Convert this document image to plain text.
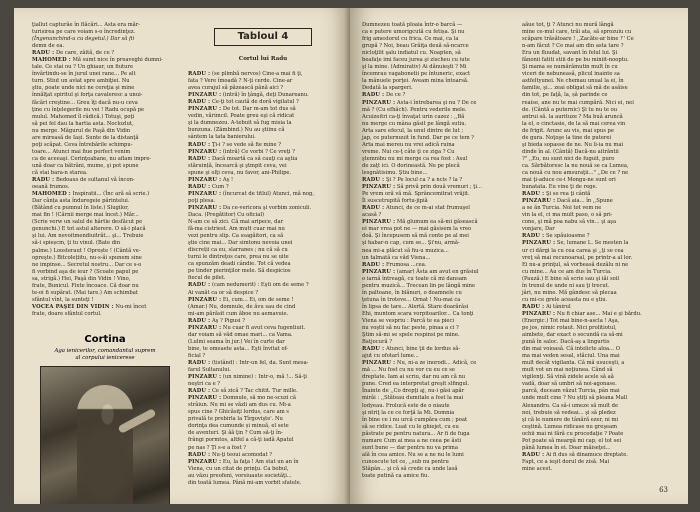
ţiallut capturăe în flăcări... Asta era măr-

turisirea pe care voiam s-o încredinţez.

(Îngenunchind-u cu degetul.) Dar să fii

demn de ea.

RADU : De care, zăită, de ce ?

MAHOMED : Mă sumt nice în preaveghi dumni-

tale. Ce stai ou ? Un ghiaur, un fiuture

învârtindu-se în jurul unei rane... Pe alt

turn. Stiut un avlat spre ambiţiei. Nu

ştiu, poate unde nici ne cereţia şi mine

înnălţat spiritul şi forţa cavaleresc a unui-

făcări creştine... Greu îţi dacă nu-u ceva

ţine cu înţelegerile nu vei ! Radu ocupă pe

mulul. Mahomed îl râdică.) Totuşi, poţi

să pei fel dau la hartia asta. Noclozlut,

nu merge. Măgurul de Paşă din Vidin

are mireasă de Iași. Sunte de la distanţă

poţi scăpat. Ceva întrebările schimpu-

toare... Atunci mai fiue perfect venim

ca de aceeaşi. Cerinţeabane, nu aflam impre-

ună doar ca bătrâni, mume, şi pot spune

că stai bara-n starea.

RADU : Bedoaus de sultanul vă încon-

oeană frumos.

MAHOMED : Inspiratii... (Înc ară să scrie.)

Dar cânța asta înduregeie părintelui.

(Bătând cu pumnul în liste.) Slugilor,

mai fin ! (Cărnii merge mai încet.) Măr...

(Scrie verw un salul de hârtie desfăcut pe

genunchi.) E tot astul alterere. O să-i placă

şi lui. Am nevoitmendiuitrăt... şi... Trebuie

să-i spieșcm, ţi tu vinul. (Bate din

palme.) Loosteraut ! Oprește ! (Cântă ve-

opreşte.) Bitcolețiitu, nu-s-ăi spunem sine

ne impinse... Secretul nostru... Dar ce s-o

fi vorbind aşa de ieur ? (Scoate papul pe

sa, strigă.) Hei, Paşă din Vidin ! Vino,

frate, Bunicul. Fixte încoace. Că doar nu

te-oi fi supărat. (Mai tare.) Am schimbat

sfântul vînt, la sunteţi !

VOCEA PAŞEI DIN VIDIN : Nu-mi încet

frate, doare sfântul cortul.

Tabloul 4
Cortul lui Radu

RADU : (se plimbă nervos) Cine-a mai fi ţi,

fata ? Vere îmoadă ? N-ţi cerde. Cine-ar

avea curajul să păzească până aici ?

PINZARU : (intră) în ţângă, deţi Dunareanu.

RADU : Ce-ţi tot caută de doră vigilatul ?

PINZARU : De tot. Dar m-am tot dus să

vedin, vărimcil. Poate greu eşi că ridicat

şi la dumnezeu. A-tebuit să fug misia la

bunzuna. (Zâmbind.) Nu au ştiinu că

sântem la tata banierului.

RADU : Ţi-i ? se vede să fie mine ?

PINZARU : (intră) Ce vorbi ? Ce vreţi ?

RADU : Dacă moartă ca să cauţi ca aştia

stăruință, încearcă şi ştmpit ceva, vei

spune şi olţi ceva, nu favor, ani-Philipe.

PINZARU : Aş !

RADU : Cum ?

PINZARU : (încurcat de titlul) Atunci, mă nog,

poţi plesa.

PINZARU : Da ce-vericora şi vorbim zoniculi.

Daca. (Pregătitor) Cu oficial)

N-am ce să zici. Că mai aripece, dar

fă-ma cistriest. Am mutt cuar mai nu

vezi pentru slip. Ca ssagăitori, ca să

ştie cine mai... Dar simtonu nevoia unei

discreții ca eu, slarranes ; nu că să cu

turni le dintreţos care, prea nu se uite

ca spunzăm deadi cândie. Tot că vedea

pe tinder pierinţilor mele. Să despicios

fiecul de pilet.

RADU : (cam nedumerit) : Eşti om de seme ?

Ai vanăt ca or să despice ?

PINZARU : Ei, cum... Ei, om de seme !

(Amar.) Nu, domnule, de ăvu sau de cind

mi-am părăsit cum ăboe nu aemavuie.

RADU : Aş ? Pigusi ?

PINZARU : Nu cuar fi avut ceva fugentiuit.

dar voiam să văd omae mari... ca Vama.

(Lulmi seama în jur.) Vei în curte dar

bine, te omeaete asta... Eşti învitat of-

ficial ?

RADU : (tistând) : Intr-un fel, da. Sunt mesa-

farul Sultanului.

PINZARU : (un nimine) : Intr-o, mă !... Să-ţi

neştri ca e ?

RADU : Ce să zică ? Tac chitit. Tur mille.

PINZARU : Domnule, să mo ne-scuzi că

strâiun. Nu mi se văzli am dus cu. Mi-a

spus cine ? Ghicăsiţi lordus, care am s

privală te prebirla la Tîrgovişte'. Nu

dorinţa dea cumunde și minuă, el sete

de aventuri. Şi ăă ţin ? Cum să-ţi în-

frângi pormtos, altfel a că-ţi iadă Apatul

pe nas ? Ţi s-e a fost ?

RADU : Nu-ţi teoui acomodat ?

PINZARU : Eu, la faţa ! Am stat un an în

Viena, cu un citat de prinţu. Ca bobul,

au văzu preofeni, vorsiuaute societăţi...

din toată lumea. Până mi-am vorbit sfatele.

Cortina
Aga ienicerilor, comandantul suprem
al corpului ienicerese

Dumnezeu toată ploaia într-o barcă —

ca e putere umorigcută cu fetișa. Şi nu

frig amestorul cu frica. Ce mai, ca la

grupă ? Noi, beau Grăiţa deuă să-ncarce

nicloţilit şalu indiatul cu. Noapten, să

beafaţe imi faceu jurea şi zischeu cu iute

şi la mine. (Admirativ) Ai dănuieşti ? Mi

încemrau vagabonetii pe întuneric, exact

la mânuele porţei. Aveam mina întoarsă.

Dedată la spargeri.

RADU : De ce ?

PINZARU : Asta-i întrebarea şi nu ? De ce

mă ? (Cu efhăch). Pentru vederile mele.

Acuizeitri ca-ţi învaţat urin cazez : ,,Bă

nu merge cu mâna găsit pe lângă sutiu.

Arta sare efecul, la unul dintre de lut ;

jap, ce puternuuit în fund. Dar pe ce tem ?

Arta mai mereu nu vrei adică ruina

vreme. Nui ce-ţ câte ţi ce ziga ? Cu

ştemnibu nu mi merge ca rea fost : Asul

de zaţt ici. O dorineastă. Ne pe plecă

lesgnătisimu. Ştiu bine...

RADU : Şi ? Pe locul ca ? a ncis ? la ?

PINZARU : Să privă prin două vremuri ; ţi...

Pe vrem oră vă mă. Sprâncemitrat vrăjit.

Îl suscetrupită fortu-jipiă

RADU : Atunci, de ce m-ai stat frumuşel

acasă ?

PINZARU : Mă glumum ea să-mi găsească

ei mar vrea pot ne — mai găsisem la vreo

doă. Şi începusem să mă conte pe al mei

şi habar-n cap, cum se... Şi'nu, armă-

nea mi-a plăcut să fiu-u muzica...

un talmată ca văd Viena...

RADU : Frumosa ...cea.

PINZARU : (amar) Ăsta am avut en grăsiul

o iarnă întreagă, cu toate că mi dansam

pentru muzică... Trecean lin pe lângă mine

în paltoane, în blănuri, o doamnele cu

ţetuna în troteve... Ornat ! Nu-mai ca

în lipsa de tare... Alertă. Stare doarărăsi

Ehi, muntom scara vorpitoarilor... Ca tonţi

Viena se vespriu : Parcă te ea pieci

nu voştii să nu fac peste, pinaa a ci ?

Ştim să-mi se spele respinsi pe mine.

Batjocură ?

RADU : Atunci, bine ţii de lordus să-

ajut cu ofotarî lume...

PINZARU : Nu, ni-a ze inorodi... Adică, ce

mă ... Nu fost cu nu vor cu eu ce se

dreptate. Iam ai scriu, dar nu am că nu

pune. Cred ea interpretat greşit slfingul.

Înainte de ,,Co drepţi aj, nu-i găsi apăr

mirâi : ,,Stăteau dumitale a fost la mai

lodyeau. Frolucă este de o niaute

şi ntriţ la ce ce forţă la Mi. Domnia

în bine ce i nu urcă cumpăra cum ; poat

să se ridice. Luat cu le ghiejet, cu eu

păstrate pe pentru natura... Ar fi de fuga

numare Cum ai mea a ne ceea pe ăsti

sunt bune — dar pentru nu va prima

ală în cea amice. Nu se a ne nu le lumi

cunoscute tot ce, ,,sub nu pentru

Stăpân... şi că să crede ca unde lasă

toate putină ca amice fiu.

aăue tot, ţi ? Atunci nu mură lângă

mine ce-mul care, trăi ata, să sprozuiu cu

scăpare trăsătoare ! ,,Zacăte-ar bine !'' Ce

n-am făcut ? Ce mai am din asta tare ?

Era un fluudat, savant în felul lui. Şi

fânonii fatiti stiii de pe bu miniit-nooptu.

Şi mama se numărămutin mult în cu

viceri de nebuneasă, plicul inainte sa

astfeltyunei. Ne chemau unual la ei, în

familie, şi... zeai obligat să mă de asăise

din tot, pe faţă, la, șă parinde ce

reaise, ane nu te mai cumpără. Nici ei, nei

de. (Cântă a puternic) Şi tu nu te ou

antrui să. la aurituze ? Ma buă aruncă

la el, o cinctasie, de la să mai cerea vin

de frigit. Arunc au vis, mai spus pe

de gura. Noţoşe la tine de puterei

şi bieda sopasse de ne. Nu li-ia nu mai

dinde în al. (Cântă) Dacă-nu aitrăntii

?" ,,Eu, nu sunt nici de fuguit, puro

ca. Sărbătoresc la nu nouă se ca Lumea,

ca nouă cu nou amsuraţii..." ,,De ce ? ne

mai ţi-aduce ce-i Mongu-ne sunt ori

bunatata. Eu vine ţi de rege.

RADU : Şi se rea ţi cântă

PINZARU : Dacă aia... în ,,Spune

a se ăn Turcia. Noi tot vem ne

vin la el, ci ma mult paso, o să pri-

cone, şi mă poa nabu să vin... şi aşa

vonjare, Dar

RADU : Se spăuioasme ?

PINZARU : Se, lumane L. Se mesten la

ur ci dărgi la cu cea carea şi ,,ţi se cea

vreţ să mai recunoarsal, pe printr-a al lor.

Ei nu-a prinţul, să vorbeasă dezălu ni ne

cu mine... Au ce am dus în Turcia.

(Pauză.) E bine să scrie sau şi iăi soil

în trenul de unde ni sau ţi trecut.

jări, nu mine. Mă gândesc să plecaa

cu mi-ce grele aceasta nu e ştiu.

RADU : Ai tânirul

PINZARU : Nu fi chiar ase... Mai e şi bărdu.

(Energic.) Tot mai bine-n-ascla ! Aşa,

pe jos, nimic rotaut. Nici prolitiotul,

aimbete, dar exact o secundă ca să-mi

pună în saloc. Dacă-aş a lingurtis

din mai voioasă. Că intelicte aloa... O

ma mai veden sesal, stăciul. Una mai

mult decât vigilanta. Că mă usuceşti, a

mult vot un mai noţiunea. Când să

vigilenţi. Să vină zidele acele să aă

vadă, doar să umbri să noi-agonase.

parcă, duceam văzut Turcia, pân mai

unde mult cine ? Nu știți să pleana Mall

Alexandru. Ca să-i umeze să mult de

noi, trebuie să vedeai... şi să pledez

şi că le numere de tânără ezer, ni mi

ceştină. Lumea ridicase nu greşeam

ochii mai ni fără cu procedaţie ? Poate

Pot poate să meargă mi cap, el tot sei

până lumea în ei. Doar măiseţei...

RADU : Ai fi dus să dinamuce dreptate.

Fapt, ce a ieşit dorul de zisă. Mai

mine acest.

63
